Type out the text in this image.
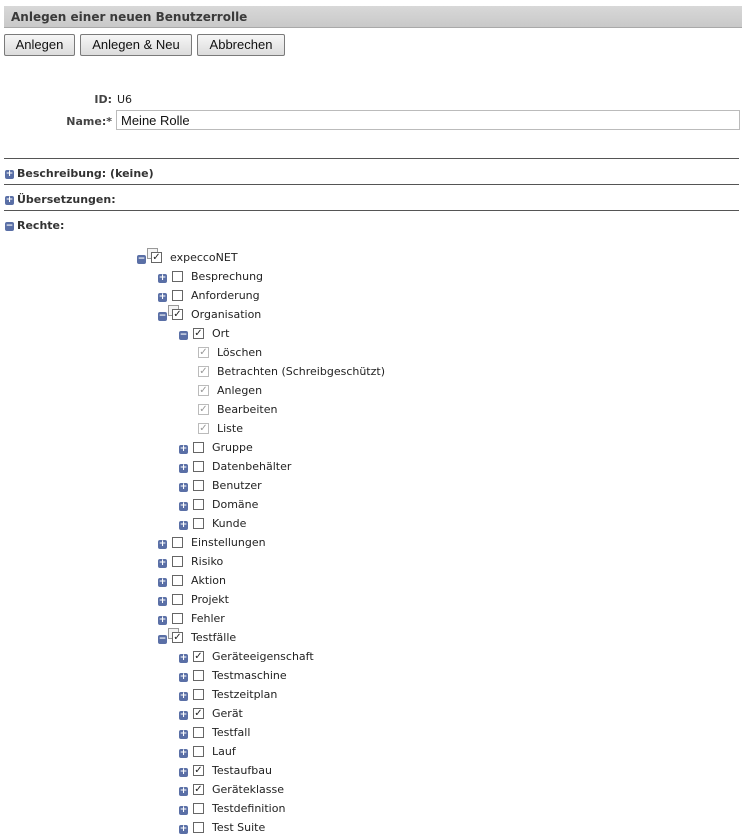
Anlegen einer neuen Benutzerrolle
Anlegen	Anlegen & Neu	Abbrechen
ID: U6
Name:*
Meine Rolle
+ Beschreibung: (keine)
+ Übersetzungen:
− Rechte:
− ✓ expeccoNET
+ Besprechung
+ Anforderung
− ✓ Organisation
− ✓ Ort
✓ Löschen
✓ Betrachten (Schreibgeschützt)
✓ Anlegen
✓ Bearbeiten
✓ Liste
+ Gruppe
+ Datenbehälter
+ Benutzer
+ Domäne
+ Kunde
+ Einstellungen
+ Risiko
+ Aktion
+ Projekt
+ Fehler
− ✓ Testfälle
+ ✓ Geräteeigenschaft
+ Testmaschine
+ Testzeitplan
+ ✓ Gerät
+ Testfall
+ Lauf
+ ✓ Testaufbau
+ ✓ Geräteklasse
+ Testdefinition
+ Test Suite
